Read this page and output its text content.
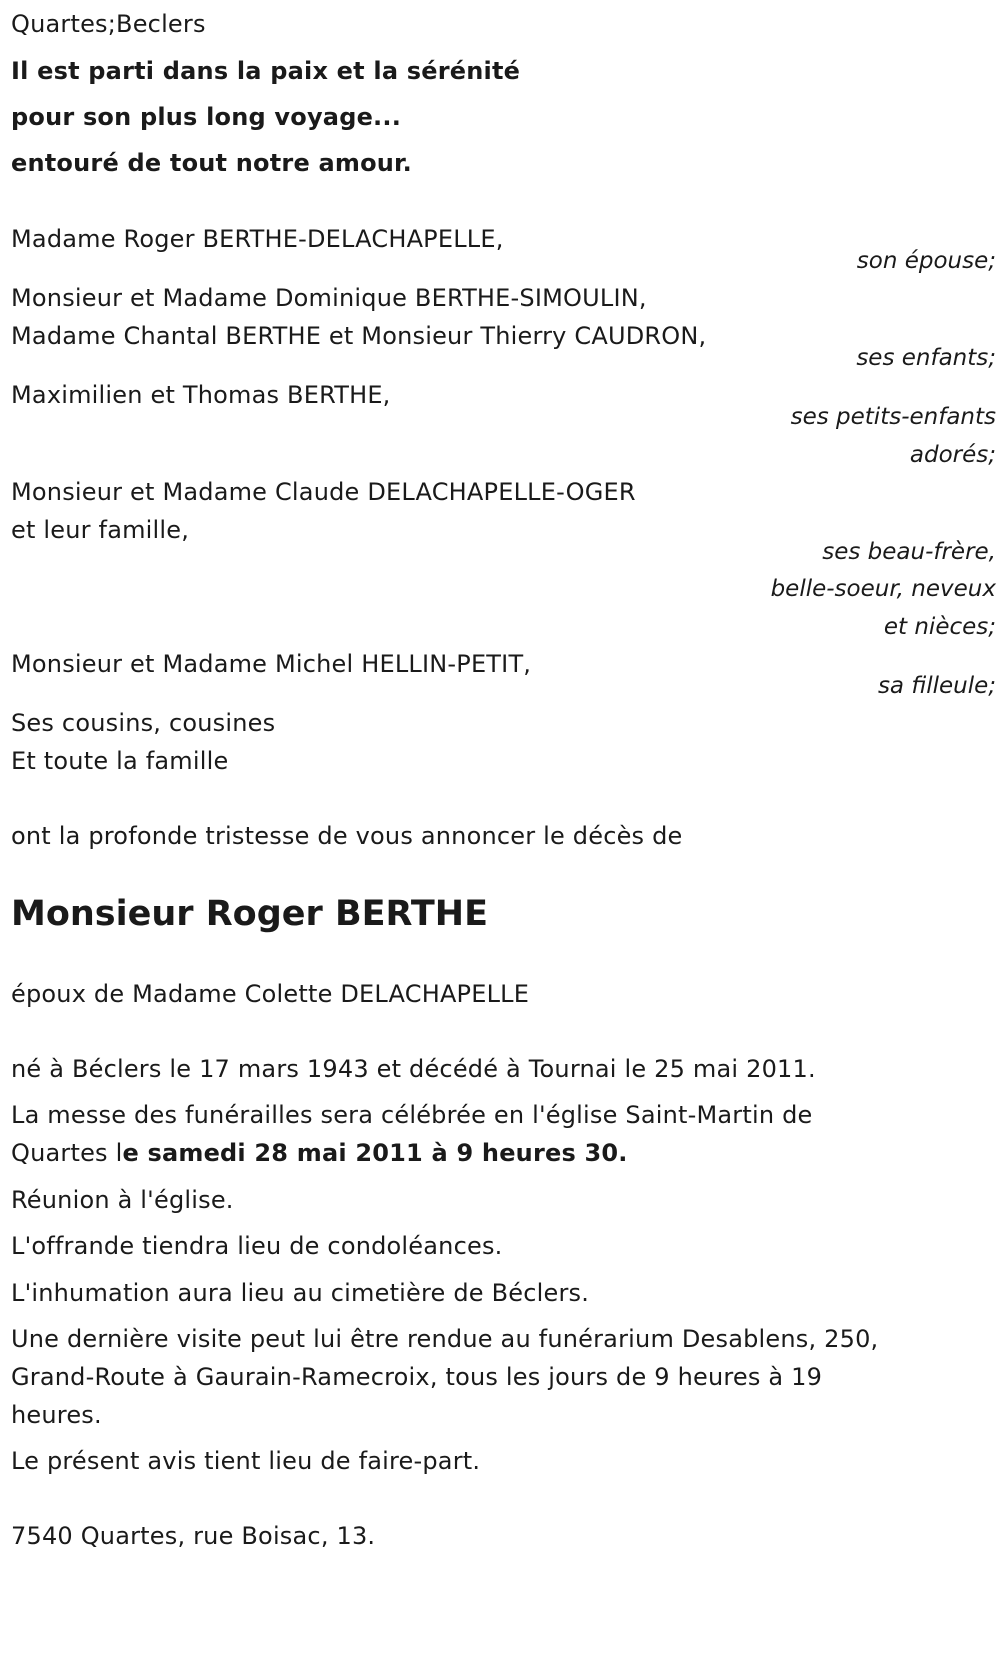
Quartes;Beclers
Il est parti dans la paix et la sérénité
pour son plus long voyage...
entouré de tout notre amour.
Madame Roger BERTHE-DELACHAPELLE,
son épouse;
Monsieur et Madame Dominique BERTHE-SIMOULIN,
Madame Chantal BERTHE et Monsieur Thierry CAUDRON,
ses enfants;
Maximilien et Thomas BERTHE,
ses petits-enfants
adorés;
Monsieur et Madame Claude DELACHAPELLE-OGER
et leur famille,
ses beau-frère,
belle-soeur, neveux
et nièces;
Monsieur et Madame Michel HELLIN-PETIT,
sa filleule;
Ses cousins, cousines
Et toute la famille
ont la profonde tristesse de vous annoncer le décès de
Monsieur Roger BERTHE
époux de Madame Colette DELACHAPELLE
né à Béclers le 17 mars 1943 et décédé à Tournai le 25 mai 2011.
La messe des funérailles sera célébrée en l'église Saint-Martin de
Quartes le samedi 28 mai 2011 à 9 heures 30.
Réunion à l'église.
L'offrande tiendra lieu de condoléances.
L'inhumation aura lieu au cimetière de Béclers.
Une dernière visite peut lui être rendue au funérarium Desablens, 250,
Grand-Route à Gaurain-Ramecroix, tous les jours de 9 heures à 19
heures.
Le présent avis tient lieu de faire-part.
7540 Quartes, rue Boisac, 13.
